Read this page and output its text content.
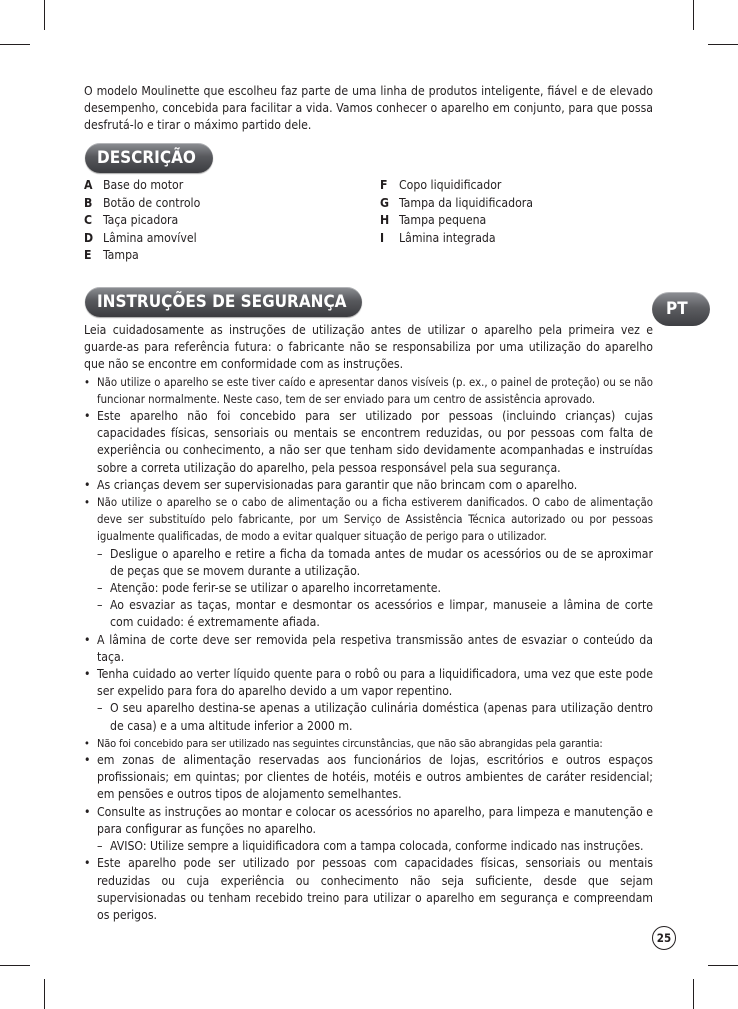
O modelo Moulinette que escolheu faz parte de uma linha de produtos inteligente, fiável e de elevado desempenho, concebida para facilitar a vida. Vamos conhecer o aparelho em conjunto, para que possa desfrutá-lo e tirar o máximo partido dele.

DESCRIÇÃO
A Base do motor
B Botão de controlo
C Taça picadora
D Lâmina amovível
E Tampa
F Copo liquidificador
G Tampa da liquidificadora
H Tampa pequena
I Lâmina integrada
INSTRUÇÕES DE SEGURANÇA	PT

Leia cuidadosamente as instruções de utilização antes de utilizar o aparelho pela primeira vez e guarde-as para referência futura: o fabricante não se responsabiliza por uma utilização do aparelho que não se encontre em conformidade com as instruções.

• Não utilize o aparelho se este tiver caído e apresentar danos visíveis (p. ex., o painel de proteção) ou se não funcionar normalmente. Neste caso, tem de ser enviado para um centro de assistência aprovado.

• Este aparelho não foi concebido para ser utilizado por pessoas (incluindo crianças) cujas capacidades físicas, sensoriais ou mentais se encontrem reduzidas, ou por pessoas com falta de experiência ou conhecimento, a não ser que tenham sido devidamente acompanhadas e instruídas sobre a correta utilização do aparelho, pela pessoa responsável pela sua segurança.

• As crianças devem ser supervisionadas para garantir que não brincam com o aparelho.

• Não utilize o aparelho se o cabo de alimentação ou a ficha estiverem danificados. O cabo de alimentação deve ser substituído pelo fabricante, por um Serviço de Assistência Técnica autorizado ou por pessoas igualmente qualificadas, de modo a evitar qualquer situação de perigo para o utilizador.

– Desligue o aparelho e retire a ficha da tomada antes de mudar os acessórios ou de se aproximar de peças que se movem durante a utilização.

– Atenção: pode ferir-se se utilizar o aparelho incorretamente.

– Ao esvaziar as taças, montar e desmontar os acessórios e limpar, manuseie a lâmina de corte com cuidado: é extremamente afiada.

• A lâmina de corte deve ser removida pela respetiva transmissão antes de esvaziar o conteúdo da taça.

• Tenha cuidado ao verter líquido quente para o robô ou para a liquidificadora, uma vez que este pode ser expelido para fora do aparelho devido a um vapor repentino.

– O seu aparelho destina-se apenas a utilização culinária doméstica (apenas para utilização dentro de casa) e a uma altitude inferior a 2000 m.

• Não foi concebido para ser utilizado nas seguintes circunstâncias, que não são abrangidas pela garantia:

• em zonas de alimentação reservadas aos funcionários de lojas, escritórios e outros espaços profissionais; em quintas; por clientes de hotéis, motéis e outros ambientes de caráter residencial; em pensões e outros tipos de alojamento semelhantes.

• Consulte as instruções ao montar e colocar os acessórios no aparelho, para limpeza e manutenção e para configurar as funções no aparelho.

– AVISO: Utilize sempre a liquidificadora com a tampa colocada, conforme indicado nas instruções.

• Este aparelho pode ser utilizado por pessoas com capacidades físicas, sensoriais ou mentais reduzidas ou cuja experiência ou conhecimento não seja suficiente, desde que sejam supervisionadas ou tenham recebido treino para utilizar o aparelho em segurança e compreendam os perigos.

25
